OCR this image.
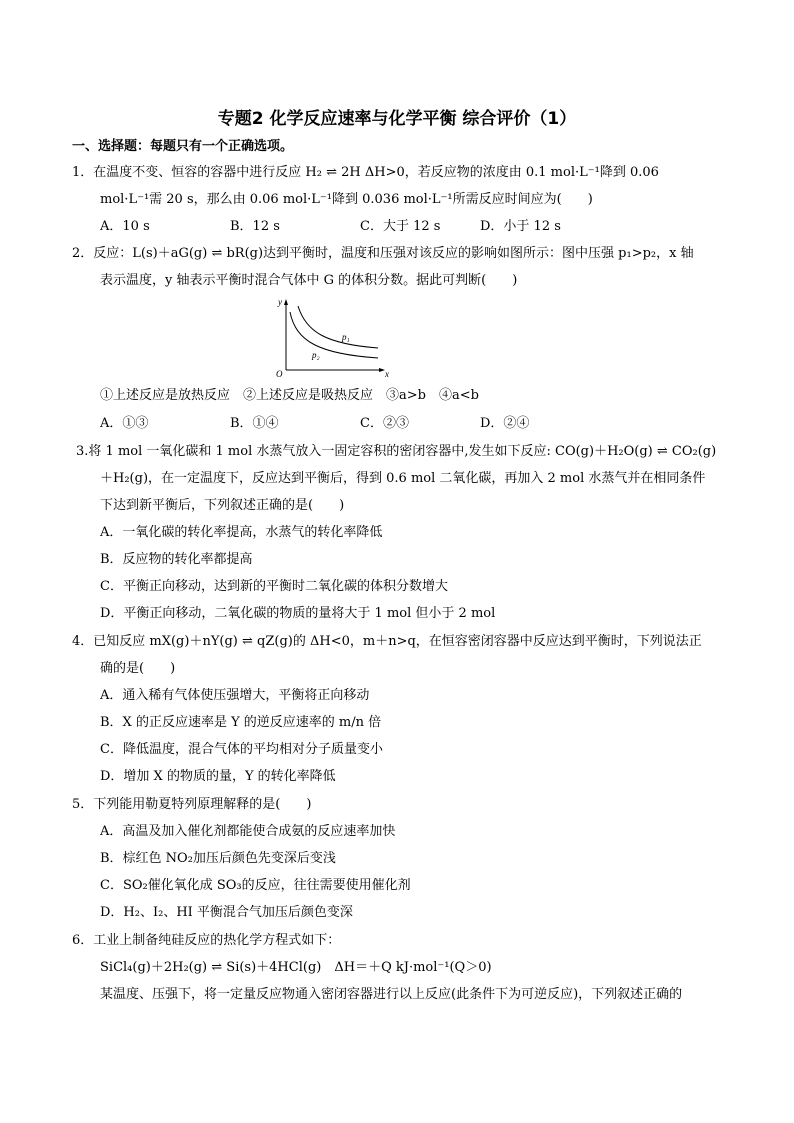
专题2 化学反应速率与化学平衡 综合评价（1）
一、选择题：每题只有一个正确选项。
1．在温度不变、恒容的容器中进行反应 H₂ ⇌ 2H ΔH>0，若反应物的浓度由 0.1 mol·L⁻¹降到 0.06
mol·L⁻¹需 20 s，那么由 0.06 mol·L⁻¹降到 0.036 mol·L⁻¹所需反应时间应为(　　)
A．10 s	B．12 s	C．大于 12 s	D．小于 12 s
2．反应：L(s)＋aG(g) ⇌ bR(g)达到平衡时，温度和压强对该反应的影响如图所示：图中压强 p₁>p₂，x 轴
表示温度，y 轴表示平衡时混合气体中 G 的体积分数。据此可判断(　　)
y
x
O
p₁
p₂
①上述反应是放热反应　②上述反应是吸热反应　③a>b　④a<b
A．①③	B．①④	C．②③	D．②④
3.将 1 mol 一氧化碳和 1 mol 水蒸气放入一固定容积的密闭容器中,发生如下反应: CO(g)＋H₂O(g) ⇌ CO₂(g)
＋H₂(g)，在一定温度下，反应达到平衡后，得到 0.6 mol 二氧化碳，再加入 2 mol 水蒸气并在相同条件
下达到新平衡后，下列叙述正确的是(　　)
A．一氧化碳的转化率提高，水蒸气的转化率降低
B．反应物的转化率都提高
C．平衡正向移动，达到新的平衡时二氧化碳的体积分数增大
D．平衡正向移动，二氧化碳的物质的量将大于 1 mol 但小于 2 mol
4．已知反应 mX(g)＋nY(g) ⇌ qZ(g)的 ΔH<0，m＋n>q，在恒容密闭容器中反应达到平衡时，下列说法正
确的是(　　)
A．通入稀有气体使压强增大，平衡将正向移动
B．X 的正反应速率是 Y 的逆反应速率的 m/n 倍
C．降低温度，混合气体的平均相对分子质量变小
D．增加 X 的物质的量，Y 的转化率降低
5．下列能用勒夏特列原理解释的是(　　)
A．高温及加入催化剂都能使合成氨的反应速率加快
B．棕红色 NO₂加压后颜色先变深后变浅
C．SO₂催化氧化成 SO₃的反应，往往需要使用催化剂
D．H₂、I₂、HI 平衡混合气加压后颜色变深
6．工业上制备纯硅反应的热化学方程式如下：
SiCl₄(g)＋2H₂(g) ⇌ Si(s)＋4HCl(g)　ΔH＝＋Q kJ·mol⁻¹(Q＞0)
某温度、压强下，将一定量反应物通入密闭容器进行以上反应(此条件下为可逆反应)，下列叙述正确的
